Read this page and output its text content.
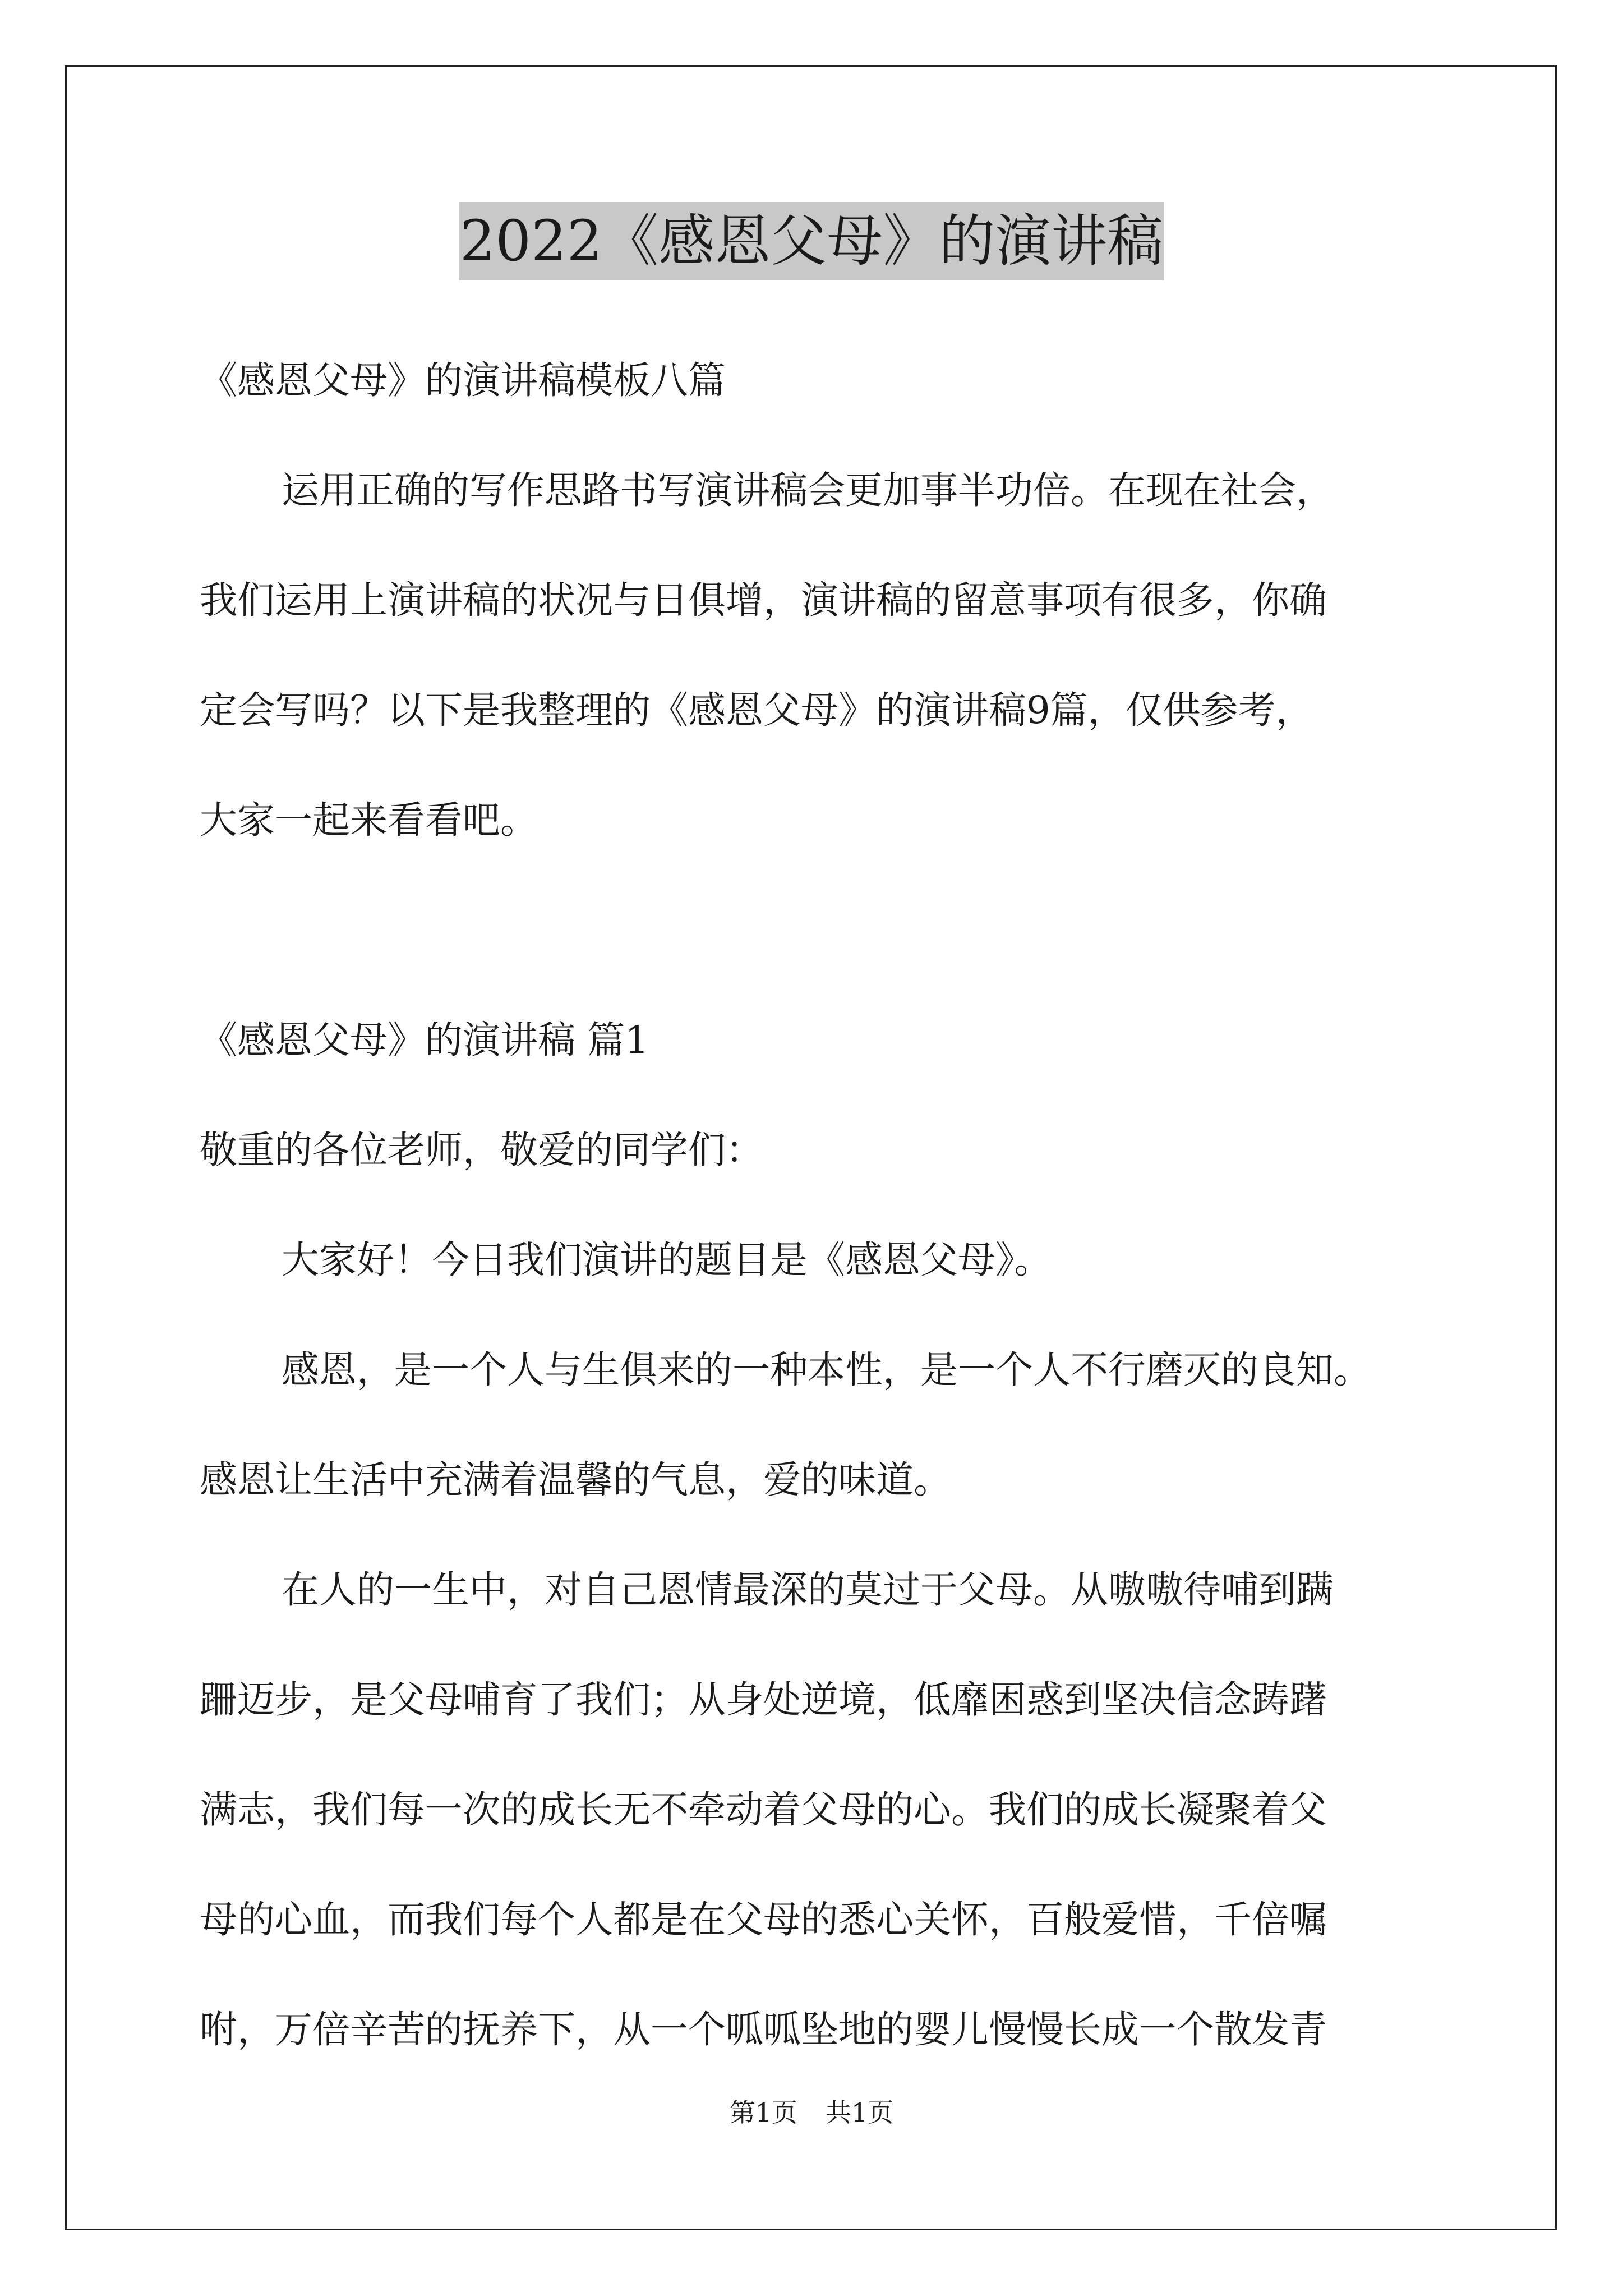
2022《感恩父母》的演讲稿
《感恩父母》的演讲稿模板八篇

运用正确的写作思路书写演讲稿会更加事半功倍。在现在社会，

我们运用上演讲稿的状况与日俱增，演讲稿的留意事项有很多，你确

定会写吗？以下是我整理的《感恩父母》的演讲稿9篇，仅供参考，

大家一起来看看吧。

《感恩父母》的演讲稿 篇1
敬重的各位老师，敬爱的同学们：

大家好！今日我们演讲的题目是《感恩父母》。

感恩，是一个人与生俱来的一种本性，是一个人不行磨灭的良知。

感恩让生活中充满着温馨的气息，爱的味道。

在人的一生中，对自己恩情最深的莫过于父母。从嗷嗷待哺到蹒

跚迈步，是父母哺育了我们；从身处逆境，低靡困惑到坚决信念踌躇

满志，我们每一次的成长无不牵动着父母的心。我们的成长凝聚着父

母的心血，而我们每个人都是在父母的悉心关怀，百般爱惜，千倍嘱

咐，万倍辛苦的抚养下，从一个呱呱坠地的婴儿慢慢长成一个散发青

第1页 共1页
